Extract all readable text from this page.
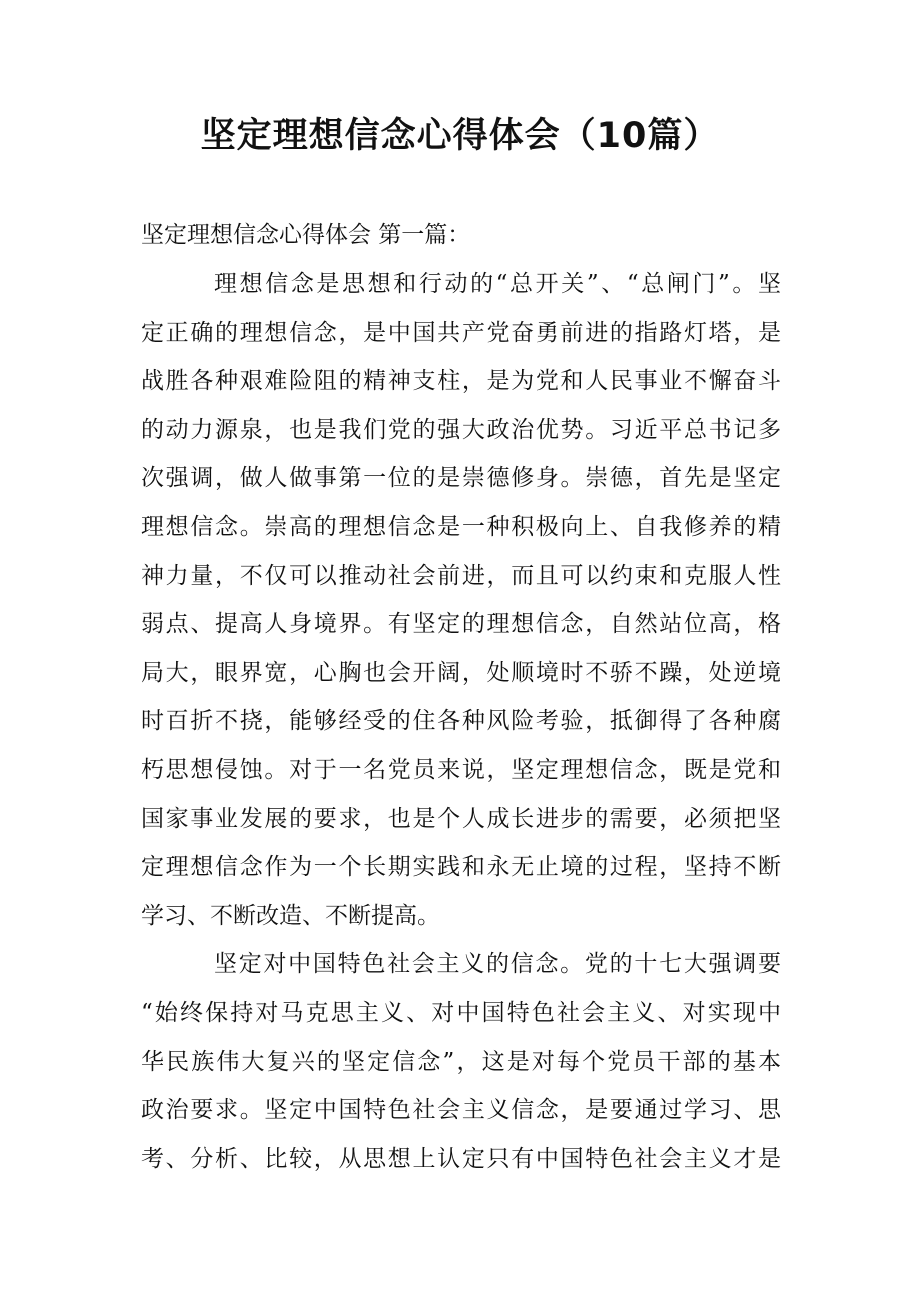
坚定理想信念心得体会（10篇）

坚定理想信念心得体会 第一篇：

理想信念是思想和行动的“总开关”、“总闸门”。坚

定正确的理想信念，是中国共产党奋勇前进的指路灯塔，是

战胜各种艰难险阻的精神支柱，是为党和人民事业不懈奋斗

的动力源泉，也是我们党的强大政治优势。习近平总书记多

次强调，做人做事第一位的是崇德修身。崇德，首先是坚定

理想信念。崇高的理想信念是一种积极向上、自我修养的精

神力量，不仅可以推动社会前进，而且可以约束和克服人性

弱点、提高人身境界。有坚定的理想信念，自然站位高，格

局大，眼界宽，心胸也会开阔，处顺境时不骄不躁，处逆境

时百折不挠，能够经受的住各种风险考验，抵御得了各种腐

朽思想侵蚀。对于一名党员来说，坚定理想信念，既是党和

国家事业发展的要求，也是个人成长进步的需要，必须把坚

定理想信念作为一个长期实践和永无止境的过程，坚持不断

学习、不断改造、不断提高。

坚定对中国特色社会主义的信念。党的十七大强调要

“始终保持对马克思主义、对中国特色社会主义、对实现中

华民族伟大复兴的坚定信念”，这是对每个党员干部的基本

政治要求。坚定中国特色社会主义信念，是要通过学习、思

考、分析、比较，从思想上认定只有中国特色社会主义才是
